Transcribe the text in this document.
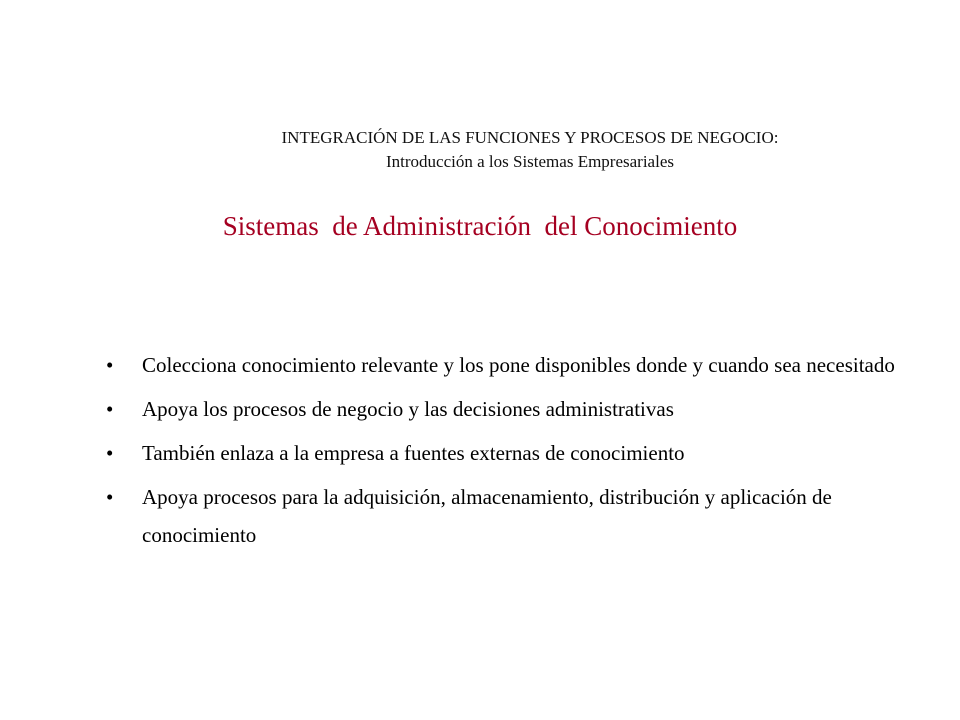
INTEGRACIÓN DE LAS FUNCIONES Y PROCESOS DE NEGOCIO:
Introducción a los Sistemas Empresariales
Sistemas  de Administración  del Conocimiento
•	Colecciona conocimiento relevante y los pone disponibles donde y cuando sea necesitado
•	Apoya los procesos de negocio y las decisiones administrativas
•	También enlaza a la empresa a fuentes externas de conocimiento
•	Apoya procesos para la adquisición, almacenamiento, distribución y aplicación de conocimiento
